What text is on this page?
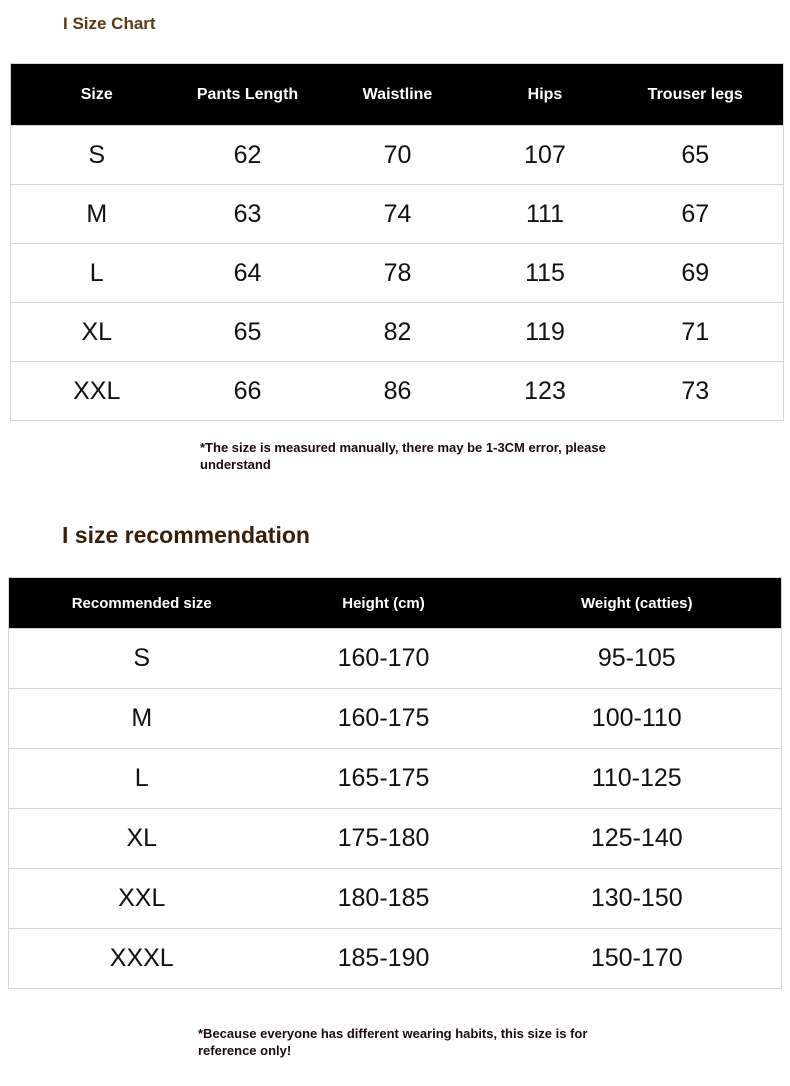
I Size Chart
Size	Pants Length	Waistline	Hips	Trouser legs
S	62	70	107	65
M	63	74	111	67
L	64	78	115	69
XL	65	82	119	71
XXL	66	86	123	73
*The size is measured manually, there may be 1-3CM error, please understand
I size recommendation
Recommended size	Height (cm)	Weight (catties)
S	160-170	95-105
M	160-175	100-110
L	165-175	110-125
XL	175-180	125-140
XXL	180-185	130-150
XXXL	185-190	150-170
*Because everyone has different wearing habits, this size is for reference only!
